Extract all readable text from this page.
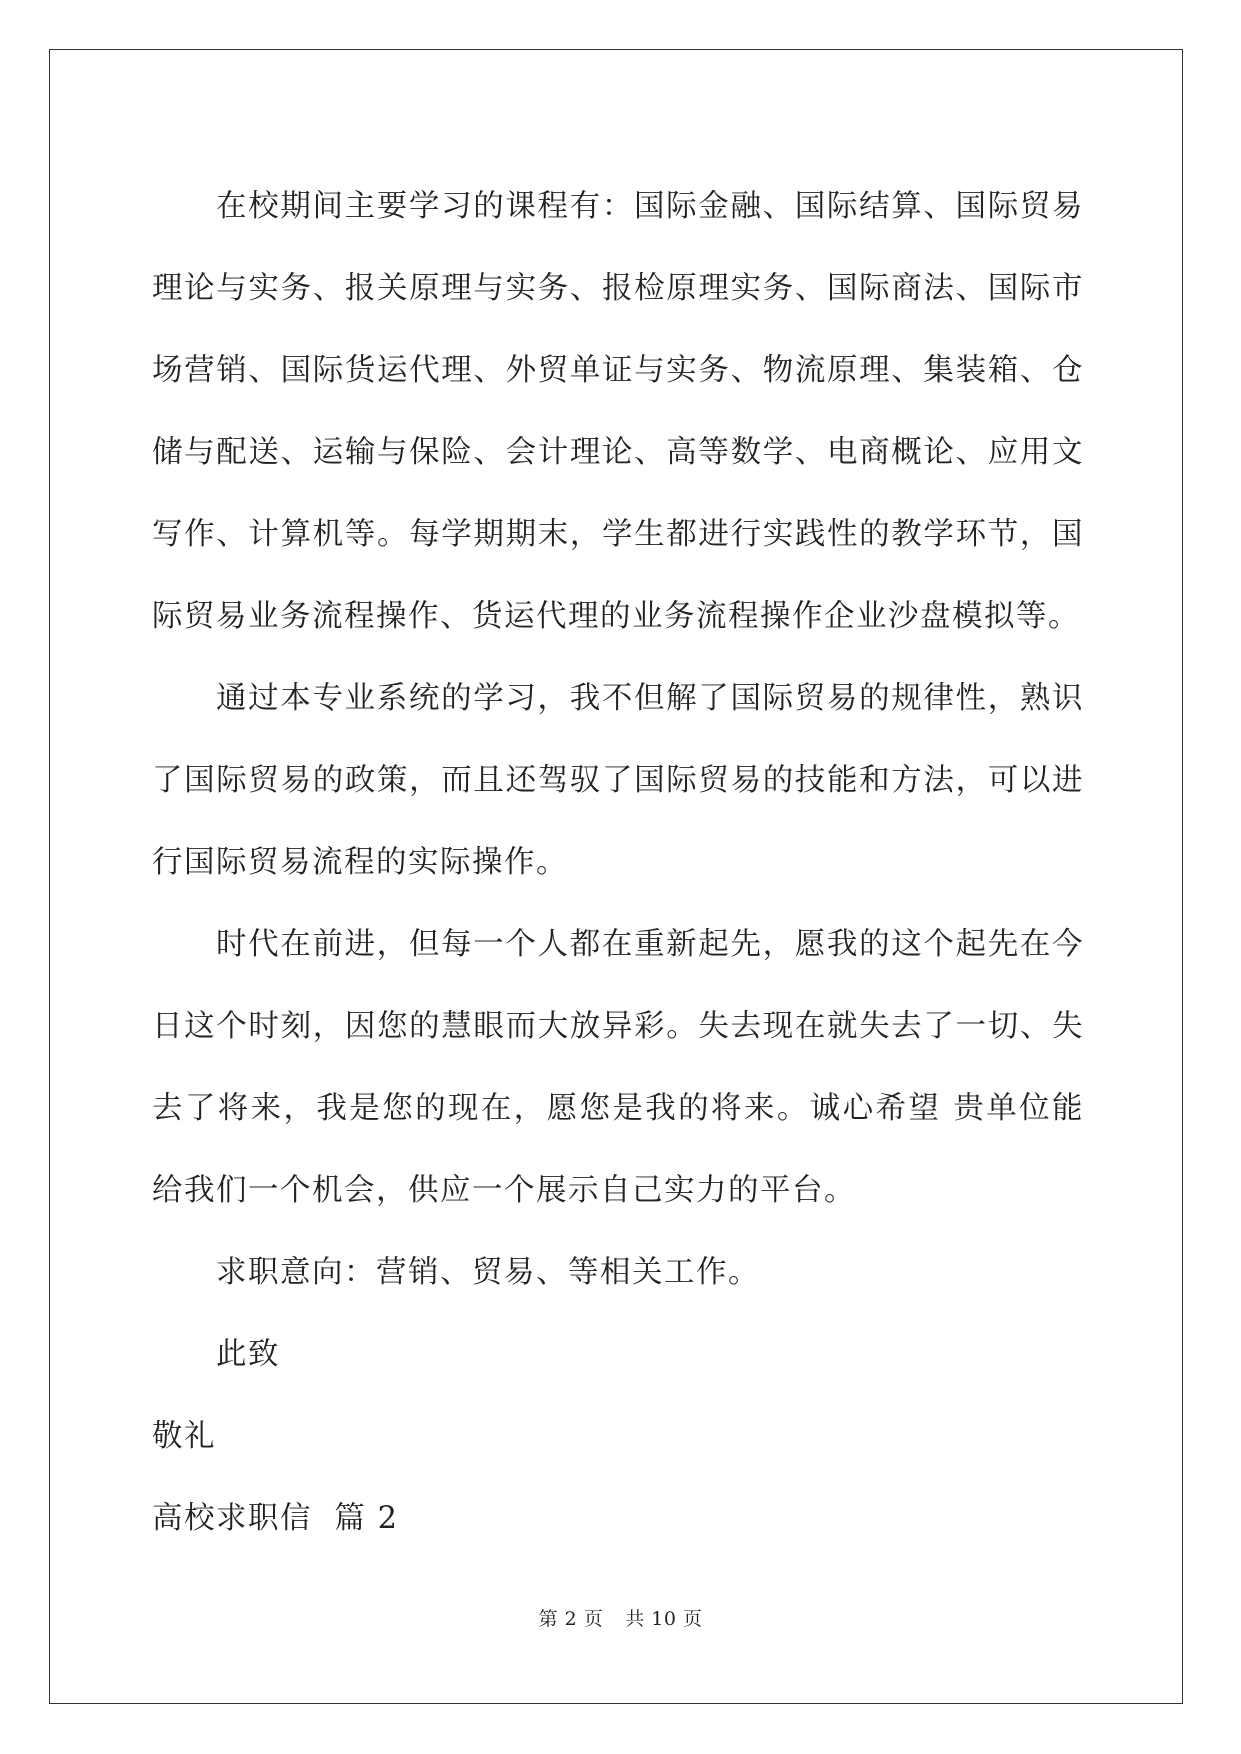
在校期间主要学习的课程有：国际金融、国际结算、国际贸易理论与实务、报关原理与实务、报检原理实务、国际商法、国际市场营销、国际货运代理、外贸单证与实务、物流原理、集装箱、仓储与配送、运输与保险、会计理论、高等数学、电商概论、应用文写作、计算机等。每学期期末，学生都进行实践性的教学环节，国际贸易业务流程操作、货运代理的业务流程操作企业沙盘模拟等。

通过本专业系统的学习，我不但解了国际贸易的规律性，熟识了国际贸易的政策，而且还驾驭了国际贸易的技能和方法，可以进行国际贸易流程的实际操作。

时代在前进，但每一个人都在重新起先，愿我的这个起先在今日这个时刻，因您的慧眼而大放异彩。失去现在就失去了一切、失去了将来，我是您的现在，愿您是我的将来。诚心希望 贵单位能给我们一个机会，供应一个展示自己实力的平台。

求职意向：营销、贸易、等相关工作。

此致

敬礼

高校求职信  篇 2

第 2 页 共 10 页
